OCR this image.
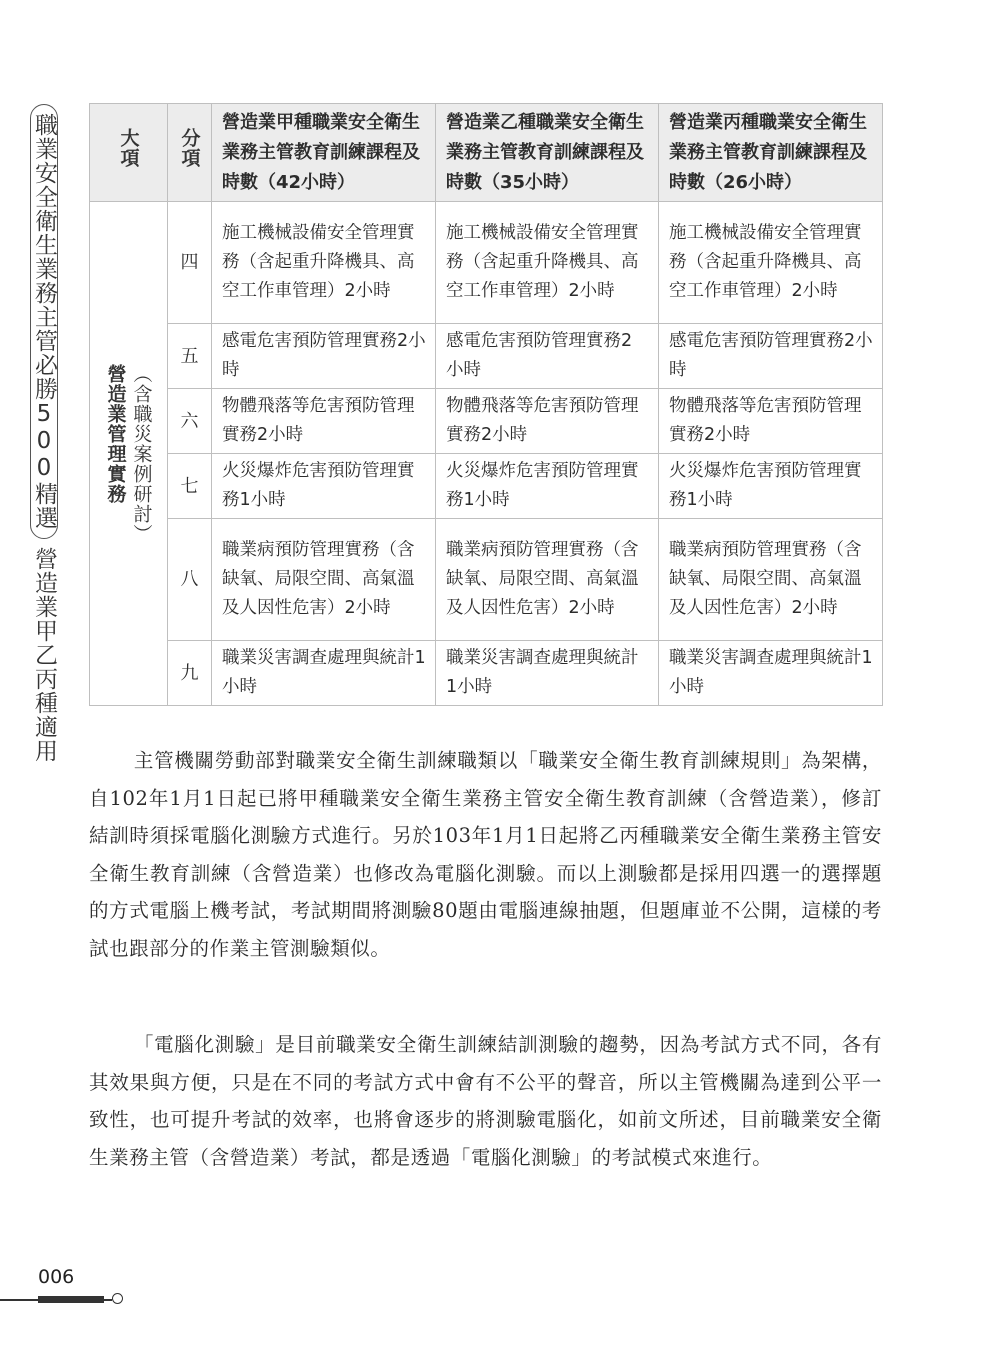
職業安全衛生業務主管必勝500精選
營造業甲乙丙種適用
大項	分項	營造業甲種職業安全衛生業務主管教育訓練課程及時數（42小時）	營造業乙種職業安全衛生業務主管教育訓練課程及時數（35小時）	營造業丙種職業安全衛生業務主管教育訓練課程及時數（26小時）

（含職災案例研討）
營造業管理實務	四	施工機械設備安全管理實務（含起重升降機具、高空工作車管理）2小時	施工機械設備安全管理實務（含起重升降機具、高空工作車管理）2小時	施工機械設備安全管理實務（含起重升降機具、高空工作車管理）2小時
	五	感電危害預防管理實務2小時	感電危害預防管理實務2小時	感電危害預防管理實務2小時
	六	物體飛落等危害預防管理實務2小時	物體飛落等危害預防管理實務2小時	物體飛落等危害預防管理實務2小時
	七	火災爆炸危害預防管理實務1小時	火災爆炸危害預防管理實務1小時	火災爆炸危害預防管理實務1小時
	八	職業病預防管理實務（含缺氧、局限空間、高氣溫及人因性危害）2小時	職業病預防管理實務（含缺氧、局限空間、高氣溫及人因性危害）2小時	職業病預防管理實務（含缺氧、局限空間、高氣溫及人因性危害）2小時
	九	職業災害調查處理與統計1小時	職業災害調查處理與統計1小時	職業災害調查處理與統計1小時

主管機關勞動部對職業安全衛生訓練職類以「職業安全衛生教育訓練規則」為架構，自102年1月1日起已將甲種職業安全衛生業務主管安全衛生教育訓練（含營造業），修訂結訓時須採電腦化測驗方式進行。另於103年1月1日起將乙丙種職業安全衛生業務主管安全衛生教育訓練（含營造業）也修改為電腦化測驗。而以上測驗都是採用四選一的選擇題的方式電腦上機考試，考試期間將測驗80題由電腦連線抽題，但題庫並不公開，這樣的考試也跟部分的作業主管測驗類似。

「電腦化測驗」是目前職業安全衛生訓練結訓測驗的趨勢，因為考試方式不同，各有其效果與方便，只是在不同的考試方式中會有不公平的聲音，所以主管機關為達到公平一致性，也可提升考試的效率，也將會逐步的將測驗電腦化，如前文所述，目前職業安全衛生業務主管（含營造業）考試，都是透過「電腦化測驗」的考試模式來進行。

006
